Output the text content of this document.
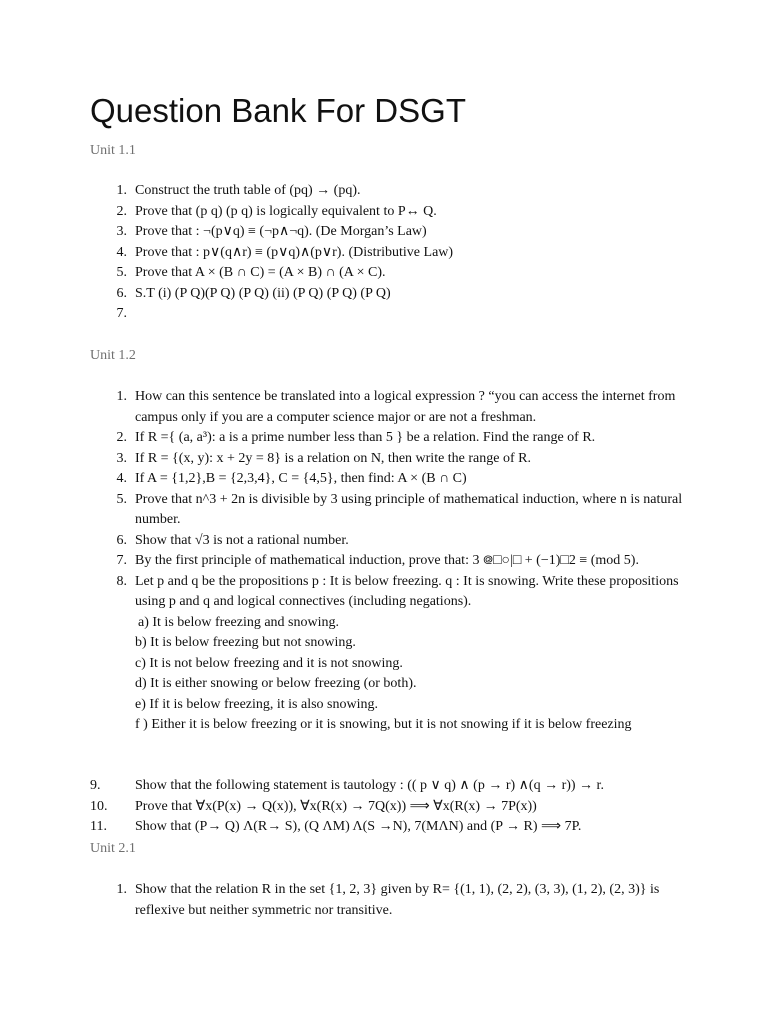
Question Bank For DSGT
Unit 1.1
1. Construct the truth table of (pq) → (pq).
2. Prove that (p q) (p q) is logically equivalent to P↔ Q.
3. Prove that : ¬(p∨q) ≡ (¬p∧¬q). (De Morgan’s Law)
4. Prove that : p∨(q∧r) ≡ (p∨q)∧(p∨r). (Distributive Law)
5. Prove that A × (B ∩ C) = (A × B) ∩ (A × C).
6. S.T (i) (P Q)(P Q) (P Q) (ii) (P Q) (P Q) (P Q)
7.

Unit 1.2
1. How can this sentence be translated into a logical expression ? “you can access the internet from campus only if you are a computer science major or are not a freshman.
2. If R ={ (a, a³): a is a prime number less than 5 } be a relation. Find the range of R.
3. If R = {(x, y): x + 2y = 8} is a relation on N, then write the range of R.
4. If A = {1,2},B = {2,3,4}, C = {4,5}, then find: A × (B ∩ C)
5. Prove that n^3 + 2n is divisible by 3 using principle of mathematical induction, where n is natural number.
6. Show that √3 is not a rational number.
7. By the first principle of mathematical induction, prove that: 3 ᪤□○|□ + (−1)□2 ≡ (mod 5).
8. Let p and q be the propositions p : It is below freezing. q : It is snowing. Write these propositions using p and q and logical connectives (including negations).
a) It is below freezing and snowing.
b) It is below freezing but not snowing.
c) It is not below freezing and it is not snowing.
d) It is either snowing or below freezing (or both).
e) If it is below freezing, it is also snowing.
f ) Either it is below freezing or it is snowing, but it is not snowing if it is below freezing
9. Show that the following statement is tautology : (( p ∨ q) ∧ (p → r) ∧(q → r)) → r.
10. Prove that ∀x(P(x) → Q(x)), ∀x(R(x) → 7Q(x)) ⟹ ∀x(R(x) → 7P(x))
11. Show that (P→ Q) Λ(R→ S), (Q ΛM) Λ(S →N), 7(MΛN) and (P → R) ⟹ 7P.
Unit 2.1
1. Show that the relation R in the set {1, 2, 3} given by R= {(1, 1), (2, 2), (3, 3), (1, 2), (2, 3)} is reflexive but neither symmetric nor transitive.
